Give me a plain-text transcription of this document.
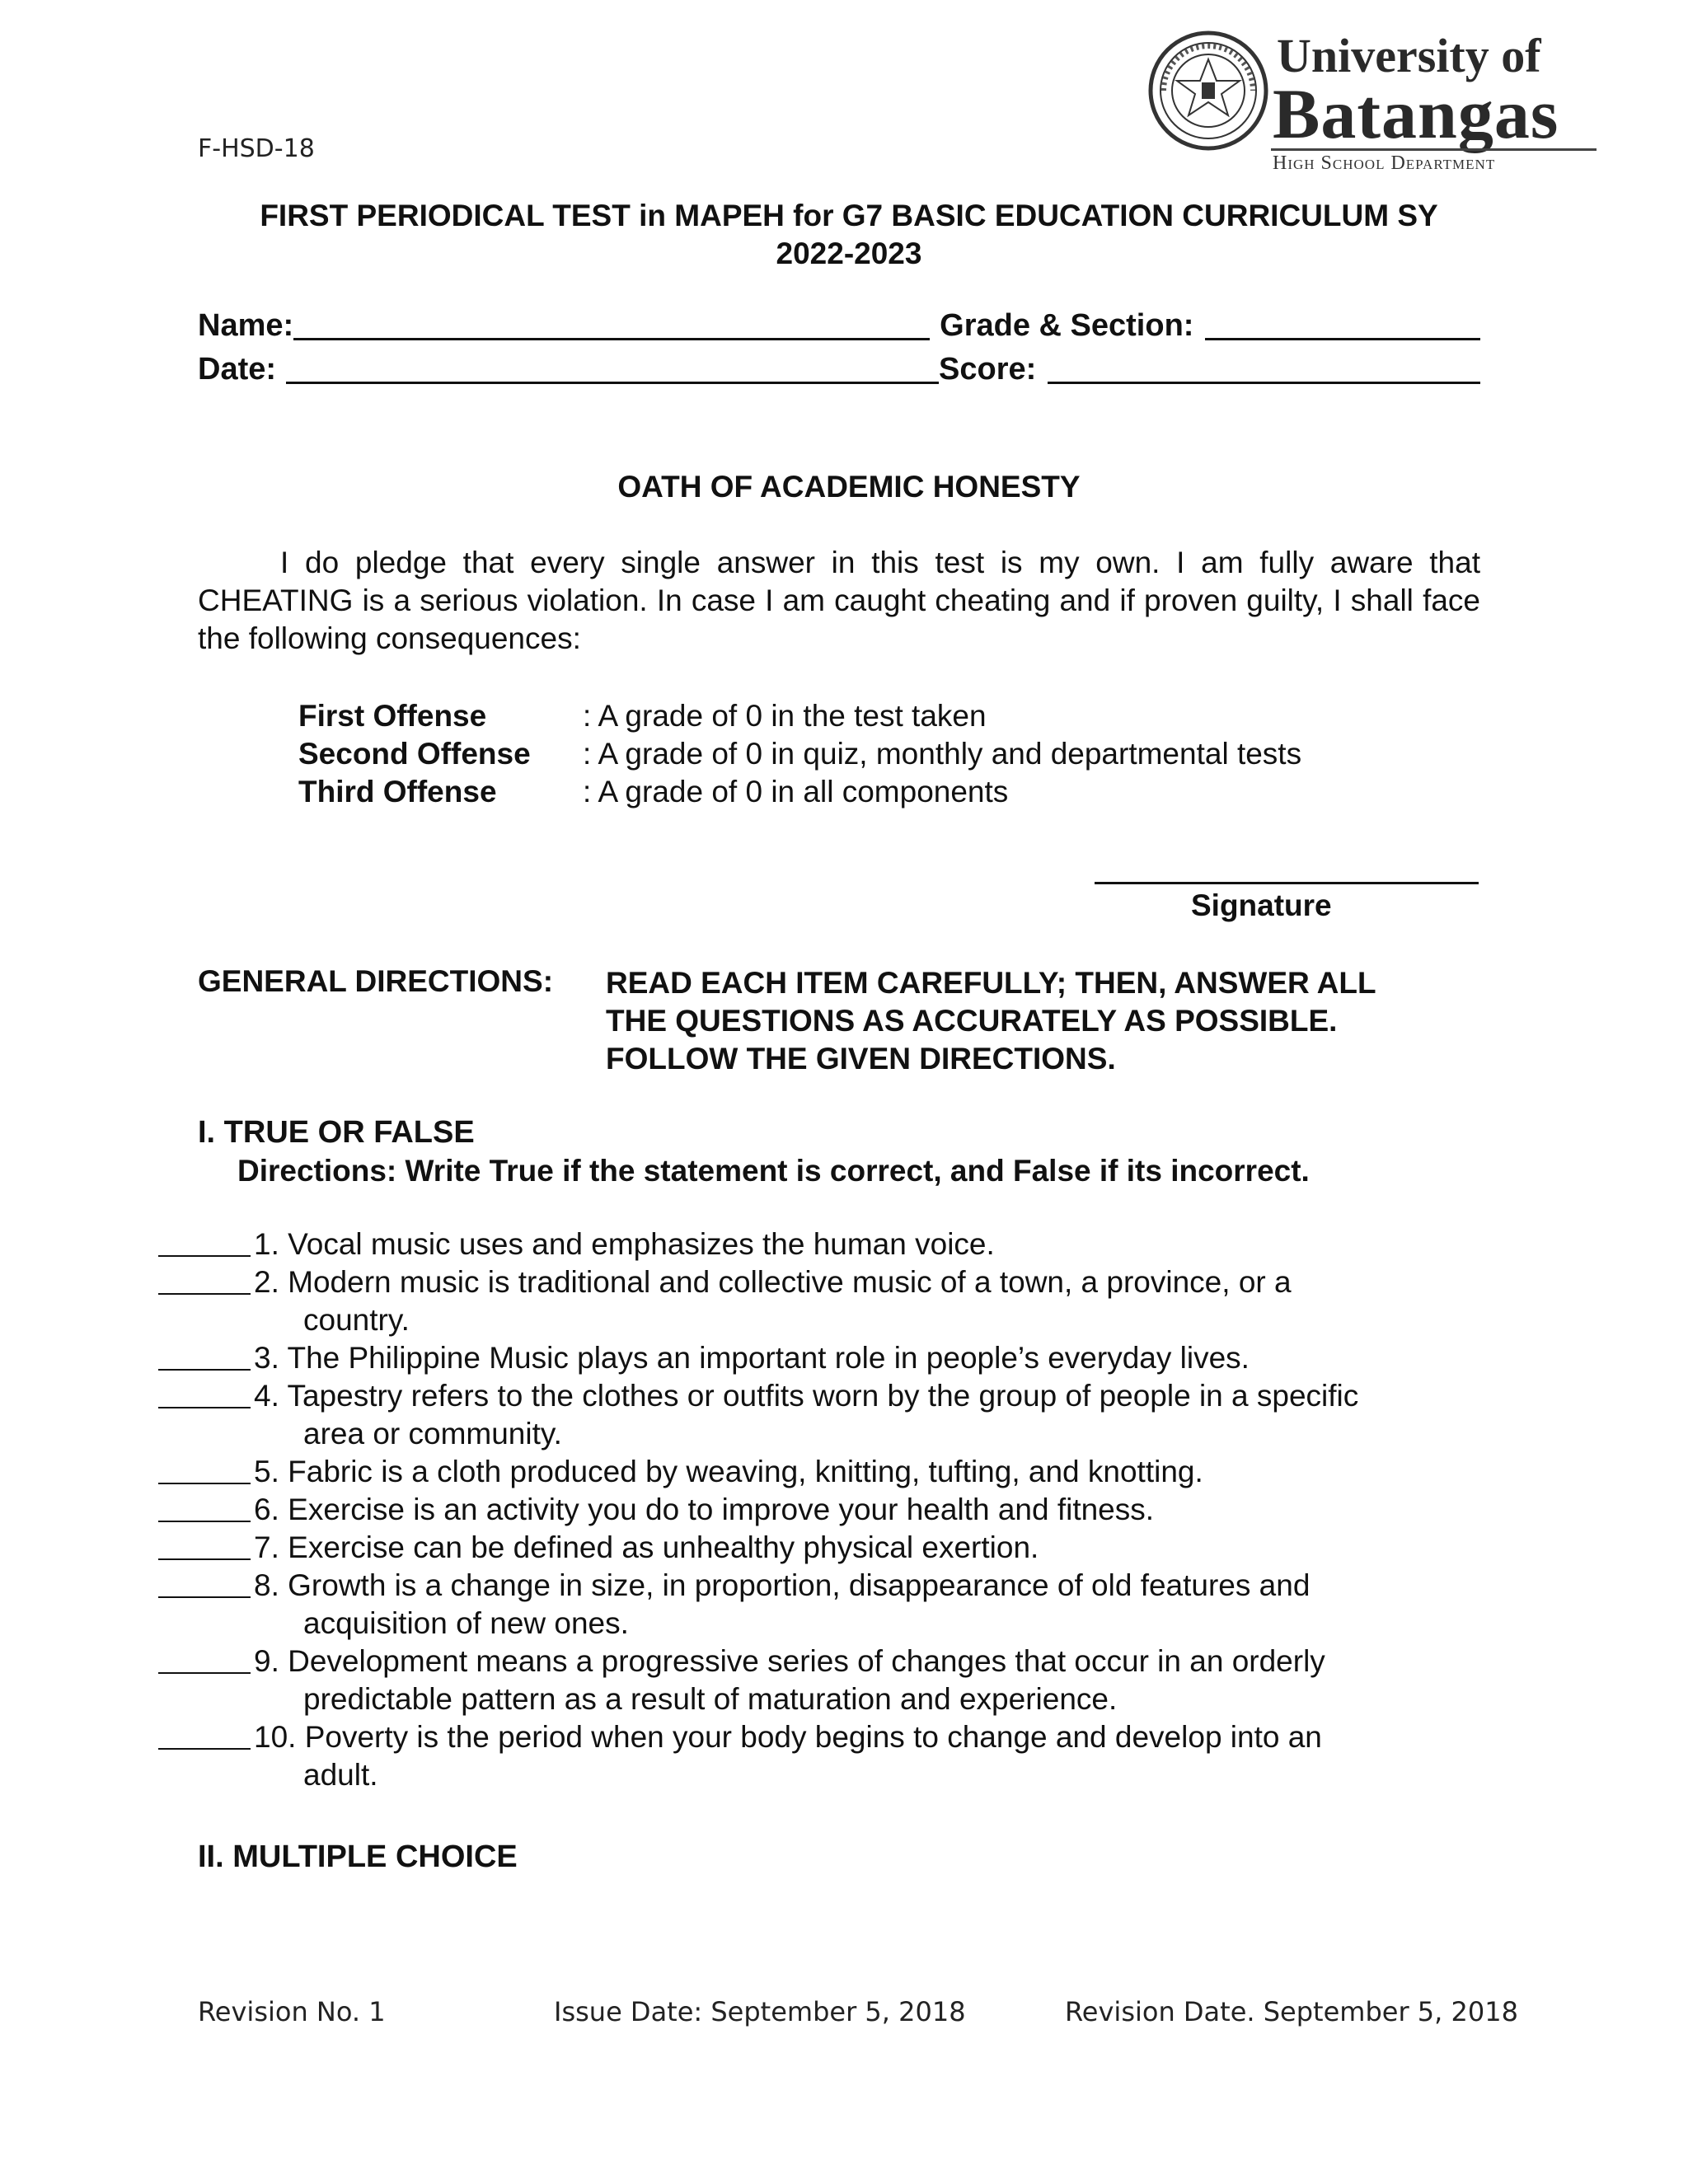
F-HSD-18
University of
Batangas
High School Department
FIRST PERIODICAL TEST in MAPEH for G7 BASIC EDUCATION CURRICULUM SY
2022-2023
Name:	Grade & Section:
Date:	Score:
OATH OF ACADEMIC HONESTY
I do pledge that every single answer in this test is my own. I am fully aware that CHEATING is a serious violation. In case I am caught cheating and if proven guilty, I shall face the following consequences:
First Offense	: A grade of 0 in the test taken
Second Offense	: A grade of 0 in quiz, monthly and departmental tests
Third Offense	: A grade of 0 in all components
Signature
GENERAL DIRECTIONS: READ EACH ITEM CAREFULLY; THEN, ANSWER ALL
THE QUESTIONS AS ACCURATELY AS POSSIBLE.
FOLLOW THE GIVEN DIRECTIONS.
I. TRUE OR FALSE
Directions: Write True if the statement is correct, and False if its incorrect.
1. Vocal music uses and emphasizes the human voice.
2. Modern music is traditional and collective music of a town, a province, or a
country.
3. The Philippine Music plays an important role in people’s everyday lives.
4. Tapestry refers to the clothes or outfits worn by the group of people in a specific
area or community.
5. Fabric is a cloth produced by weaving, knitting, tufting, and knotting.
6. Exercise is an activity you do to improve your health and fitness.
7. Exercise can be defined as unhealthy physical exertion.
8. Growth is a change in size, in proportion, disappearance of old features and
acquisition of new ones.
9. Development means a progressive series of changes that occur in an orderly
predictable pattern as a result of maturation and experience.
10. Poverty is the period when your body begins to change and develop into an
adult.
II. MULTIPLE CHOICE
Revision No. 1	Issue Date: September 5, 2018	Revision Date. September 5, 2018
